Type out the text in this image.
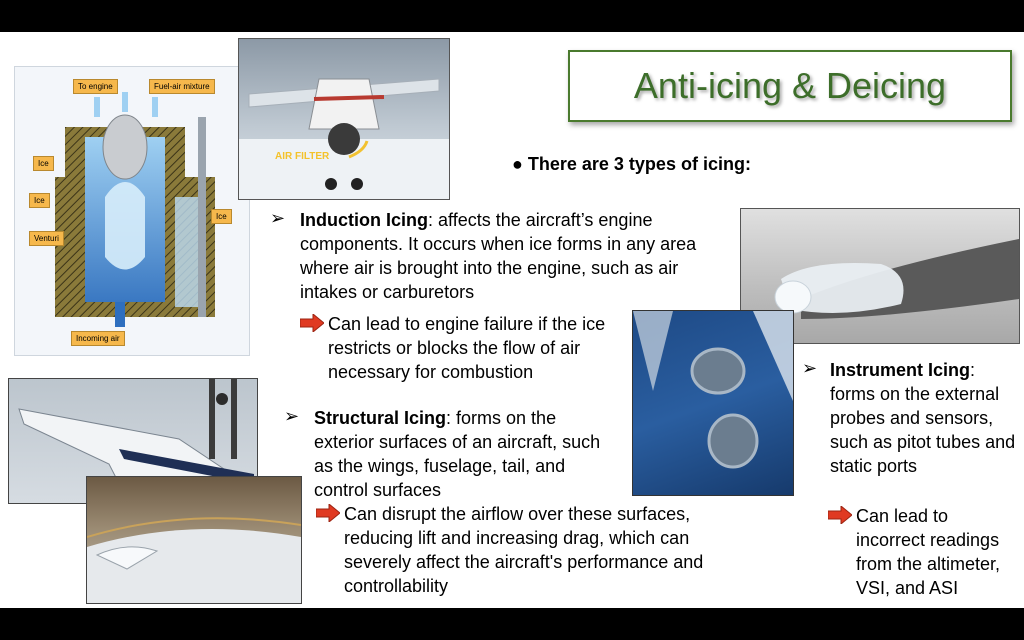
Anti-icing & Deicing
To engine	Fuel-air mixture
Ice
Ice
Ice
Venturi
Incoming air
AIR FILTER	● There are 3 types of icing:
➢ Induction Icing: affects the aircraft’s engine components. It occurs when ice forms in any area where air is brought into the engine, such as air intakes or carburetors
Can lead to engine failure if the ice restricts or blocks the flow of air necessary for combustion
➢ Structural Icing: forms on the exterior surfaces of an aircraft, such as the wings, fuselage, tail, and control surfaces
Can disrupt the airflow over these surfaces, reducing lift and increasing drag, which can severely affect the aircraft's performance and controllability
➢ Instrument Icing: forms on the external probes and sensors, such as pitot tubes and static ports
Can lead to incorrect readings from the altimeter, VSI, and ASI
